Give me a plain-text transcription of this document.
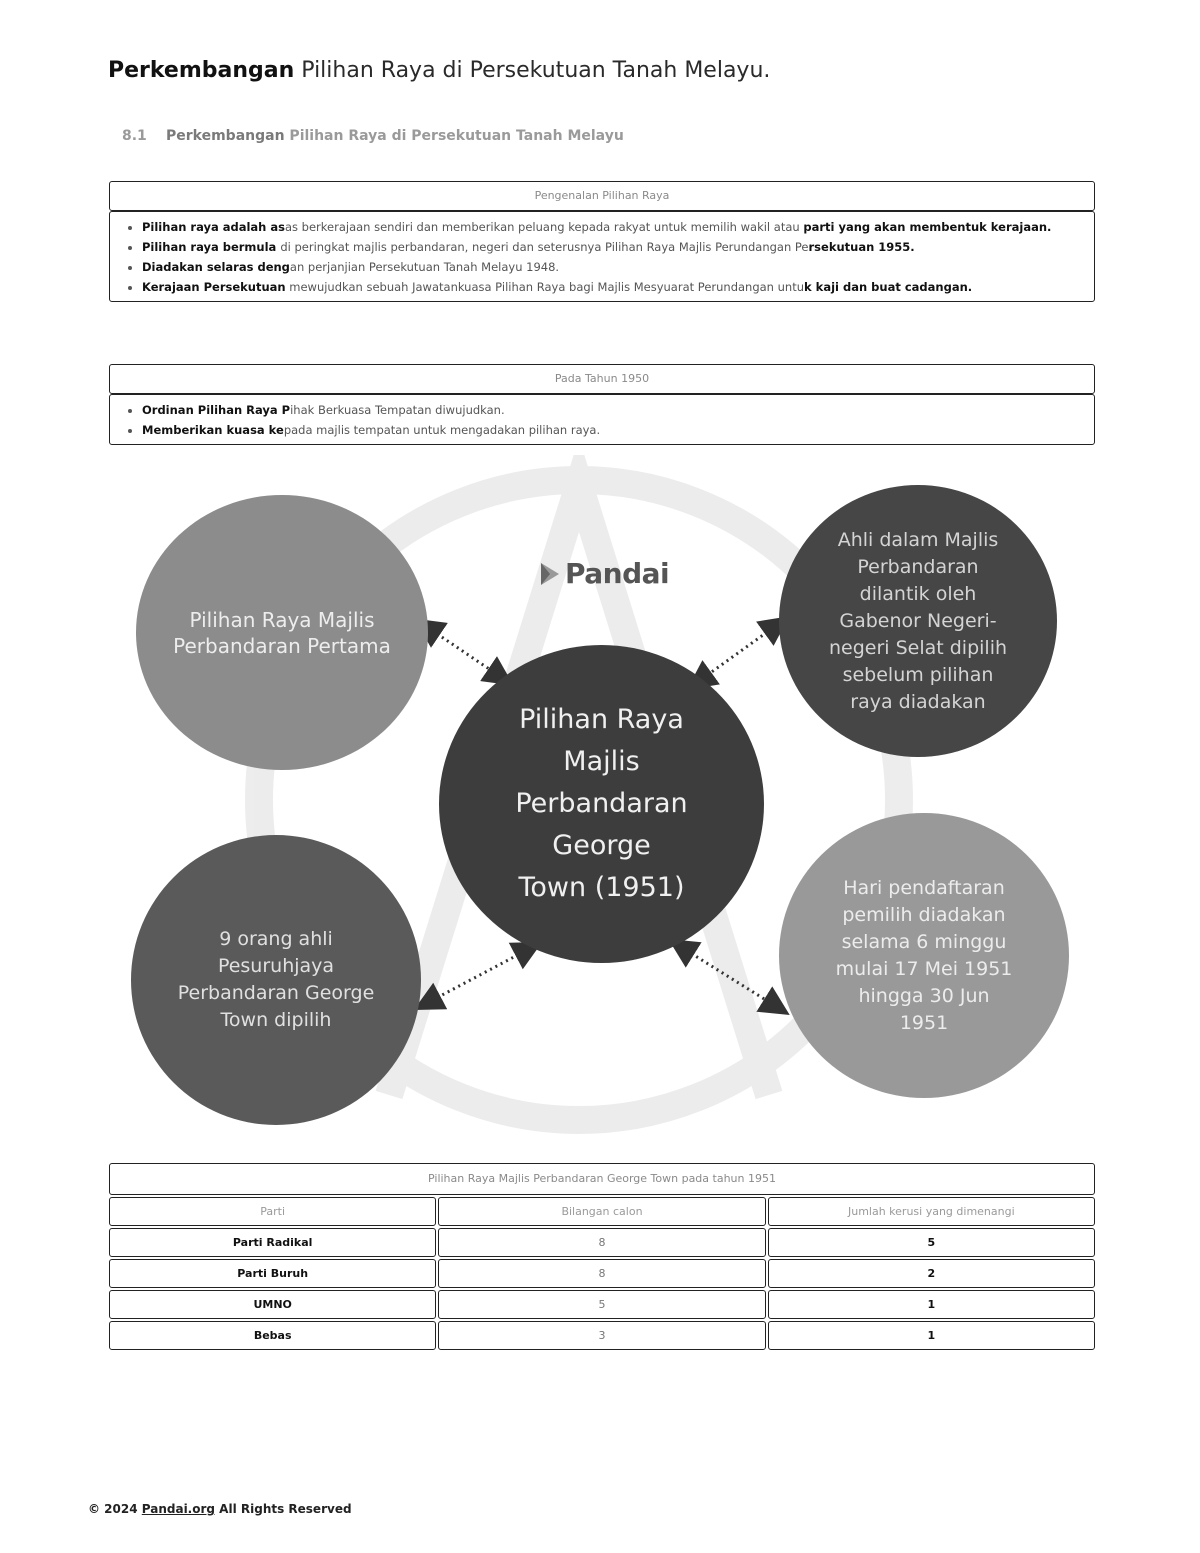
Perkembangan Pilihan Raya di Persekutuan Tanah Melayu.
8.1 Perkembangan Pilihan Raya di Persekutuan Tanah Melayu
Pengenalan Pilihan Raya
• Pilihan raya adalah asas berkerajaan sendiri dan memberikan peluang kepada rakyat untuk memilih wakil atau parti yang akan membentuk kerajaan.
• Pilihan raya bermula di peringkat majlis perbandaran, negeri dan seterusnya Pilihan Raya Majlis Perundangan Persekutuan 1955.
• Diadakan selaras dengan perjanjian Persekutuan Tanah Melayu 1948.
• Kerajaan Persekutuan mewujudkan sebuah Jawatankuasa Pilihan Raya bagi Majlis Mesyuarat Perundangan untuk kaji dan buat cadangan.
Pada Tahun 1950
• Ordinan Pilihan Raya Pihak Berkuasa Tempatan diwujudkan.
• Memberikan kuasa kepada majlis tempatan untuk mengadakan pilihan raya.
Pandai
Pilihan Raya Majlis
Perbandaran Pertama
Ahli dalam Majlis
Perbandaran
dilantik oleh
Gabenor Negeri-
negeri Selat dipilih
sebelum pilihan
raya diadakan
Pilihan Raya
Majlis
Perbandaran
George
Town (1951)
9 orang ahli
Pesuruhjaya
Perbandaran George
Town dipilih
Hari pendaftaran
pemilih diadakan
selama 6 minggu
mulai 17 Mei 1951
hingga 30 Jun
1951
Pilihan Raya Majlis Perbandaran George Town pada tahun 1951
Parti	Bilangan calon	Jumlah kerusi yang dimenangi
Parti Radikal	8	5
Parti Buruh	8	2
UMNO	5	1
Bebas	3	1
© 2024 Pandai.org All Rights Reserved
